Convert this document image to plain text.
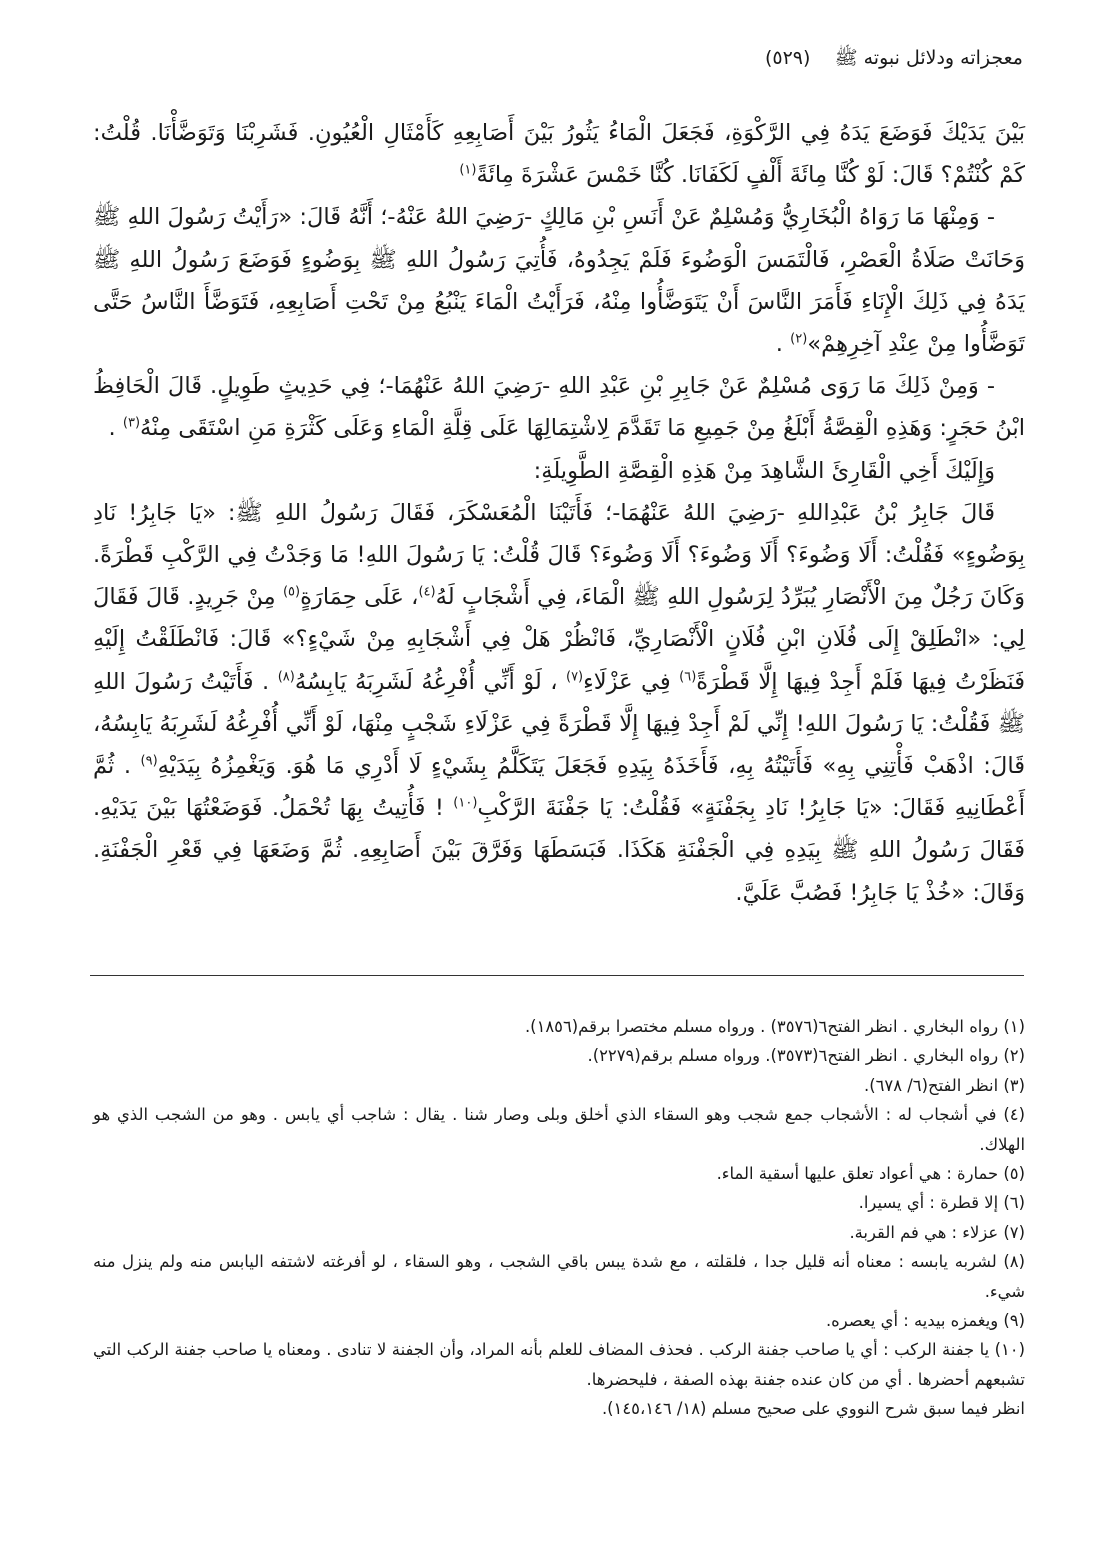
معجزاته ودلائل نبوته ﷺ    (٥٢٩)

بَيْنَ يَدَيْكَ فَوَضَعَ يَدَهُ فِي الرَّكْوَةِ، فَجَعَلَ الْمَاءُ يَثُورُ بَيْنَ أَصَابِعِهِ كَأَمْثَالِ الْعُيُونِ. فَشَرِبْنَا وَتَوَضَّأْنَا. قُلْتُ: كَمْ كُنْتُمْ؟ قَالَ: لَوْ كُنَّا مِائَةَ أَلْفٍ لَكَفَانَا. كُنَّا خَمْسَ عَشْرَةَ مِائَةً$^{(١)}$

- وَمِنْهَا مَا رَوَاهُ الْبُخَارِيُّ وَمُسْلِمٌ عَنْ أَنَسِ بْنِ مَالِكٍ -رَضِيَ اللهُ عَنْهُ-؛ أَنَّهُ قَالَ: «رَأَيْتُ رَسُولَ اللهِ ﷺ وَحَانَتْ صَلَاةُ الْعَصْرِ، فَالْتَمَسَ الْوَضُوءَ فَلَمْ يَجِدُوهُ، فَأُتِيَ رَسُولُ اللهِ ﷺ بِوَضُوءٍ فَوَضَعَ رَسُولُ اللهِ ﷺ يَدَهُ فِي ذَلِكَ الْإِنَاءِ فَأَمَرَ النَّاسَ أَنْ يَتَوَضَّأُوا مِنْهُ، فَرَأَيْتُ الْمَاءَ يَنْبُعُ مِنْ تَحْتِ أَصَابِعِهِ، فَتَوَضَّأَ النَّاسُ حَتَّى تَوَضَّأُوا مِنْ عِنْدِ آخِرِهِمْ»$^{(٢)}$ .

- وَمِنْ ذَلِكَ مَا رَوَى مُسْلِمٌ عَنْ جَابِرِ بْنِ عَبْدِ اللهِ -رَضِيَ اللهُ عَنْهُمَا-؛ فِي حَدِيثٍ طَوِيلٍ. قَالَ الْحَافِظُ ابْنُ حَجَرٍ: وَهَذِهِ الْقِصَّةُ أَبْلَغُ مِنْ جَمِيعِ مَا تَقَدَّمَ لِاشْتِمَالِهَا عَلَى قِلَّةِ الْمَاءِ وَعَلَى كَثْرَةِ مَنِ اسْتَقَى مِنْهُ$^{(٣)}$ .

وَإِلَيْكَ أَخِي الْقَارِئَ الشَّاهِدَ مِنْ هَذِهِ الْقِصَّةِ الطَّوِيلَةِ:

قَالَ جَابِرُ بْنُ عَبْدِاللهِ -رَضِيَ اللهُ عَنْهُمَا-؛ فَأَتَيْنَا الْمُعَسْكَرَ، فَقَالَ رَسُولُ اللهِ ﷺ: «يَا جَابِرُ! نَادِ بِوَضُوءٍ» فَقُلْتُ: أَلَا وَضُوءَ؟ أَلَا وَضُوءَ؟ أَلَا وَضُوءَ؟ قَالَ قُلْتُ: يَا رَسُولَ اللهِ! مَا وَجَدْتُ فِي الرَّكْبِ قَطْرَةً. وَكَانَ رَجُلٌ مِنَ الْأَنْصَارِ يُبَرِّدُ لِرَسُولِ اللهِ ﷺ الْمَاءَ، فِي أَشْجَابٍ لَهُ$^{(٤)}$، عَلَى حِمَارَةٍ$^{(٥)}$ مِنْ جَرِيدٍ. قَالَ فَقَالَ لِي: «انْطَلِقْ إِلَى فُلَانِ ابْنِ فُلَانٍ الْأَنْصَارِيِّ، فَانْظُرْ هَلْ فِي أَشْجَابِهِ مِنْ شَيْءٍ؟» قَالَ: فَانْطَلَقْتُ إِلَيْهِ فَنَظَرْتُ فِيهَا فَلَمْ أَجِدْ فِيهَا إِلَّا قَطْرَةً$^{(٦)}$ فِي عَزْلَاءِ$^{(٧)}$ ، لَوْ أَنِّي أُفْرِغُهُ لَشَرِبَهُ يَابِسُهُ$^{(٨)}$ . فَأَتَيْتُ رَسُولَ اللهِ ﷺ فَقُلْتُ: يَا رَسُولَ اللهِ! إِنِّي لَمْ أَجِدْ فِيهَا إِلَّا قَطْرَةً فِي عَزْلَاءِ شَجْبٍ مِنْهَا، لَوْ أَنِّي أُفْرِغُهُ لَشَرِبَهُ يَابِسُهُ، قَالَ: اذْهَبْ فَأْتِنِي بِهِ» فَأَتَيْتُهُ بِهِ، فَأَخَذَهُ بِيَدِهِ فَجَعَلَ يَتَكَلَّمُ بِشَيْءٍ لَا أَدْرِي مَا هُوَ. وَيَغْمِزُهُ بِيَدَيْهِ$^{(٩)}$ . ثُمَّ أَعْطَانِيهِ فَقَالَ: «يَا جَابِرُ! نَادِ بِجَفْنَةٍ» فَقُلْتُ: يَا جَفْنَةَ الرَّكْبِ$^{(١٠)}$ ! فَأُتِيتُ بِهَا تُحْمَلُ. فَوَضَعْتُهَا بَيْنَ يَدَيْهِ. فَقَالَ رَسُولُ اللهِ ﷺ بِيَدِهِ فِي الْجَفْنَةِ هَكَذَا. فَبَسَطَهَا وَفَرَّقَ بَيْنَ أَصَابِعِهِ. ثُمَّ وَضَعَهَا فِي قَعْرِ الْجَفْنَةِ. وَقَالَ: «خُذْ يَا جَابِرُ! فَصُبَّ عَلَيَّ.

(١) رواه البخاري . انظر الفتح٦(٣٥٧٦) . ورواه مسلم مختصرا برقم(١٨٥٦).

(٢) رواه البخاري . انظر الفتح٦(٣٥٧٣). ورواه مسلم برقم(٢٢٧٩).

(٣) انظر الفتح(٦/ ٦٧٨).

(٤) في أشجاب له : الأشجاب جمع شجب وهو السقاء الذي أخلق وبلى وصار شنا . يقال : شاجب أي يابس . وهو من الشجب الذي هو الهلاك.

(٥) حمارة : هي أعواد تعلق عليها أسقية الماء.

(٦) إلا قطرة : أي يسيرا.

(٧) عزلاء : هي فم القربة.

(٨) لشربه يابسه : معناه أنه قليل جدا ، فلقلته ، مع شدة يبس باقي الشجب ، وهو السقاء ، لو أفرغته لاشتفه اليابس منه ولم ينزل منه شيء.

(٩) ويغمزه بيديه : أي يعصره.

(١٠) يا جفنة الركب : أي يا صاحب جفنة الركب . فحذف المضاف للعلم بأنه المراد، وأن الجفنة لا تنادى . ومعناه يا صاحب جفنة الركب التي تشبعهم أحضرها . أي من كان عنده جفنة بهذه الصفة ، فليحضرها.

انظر فيما سبق شرح النووي على صحيح مسلم (١٨/ ١٤٥،١٤٦).
